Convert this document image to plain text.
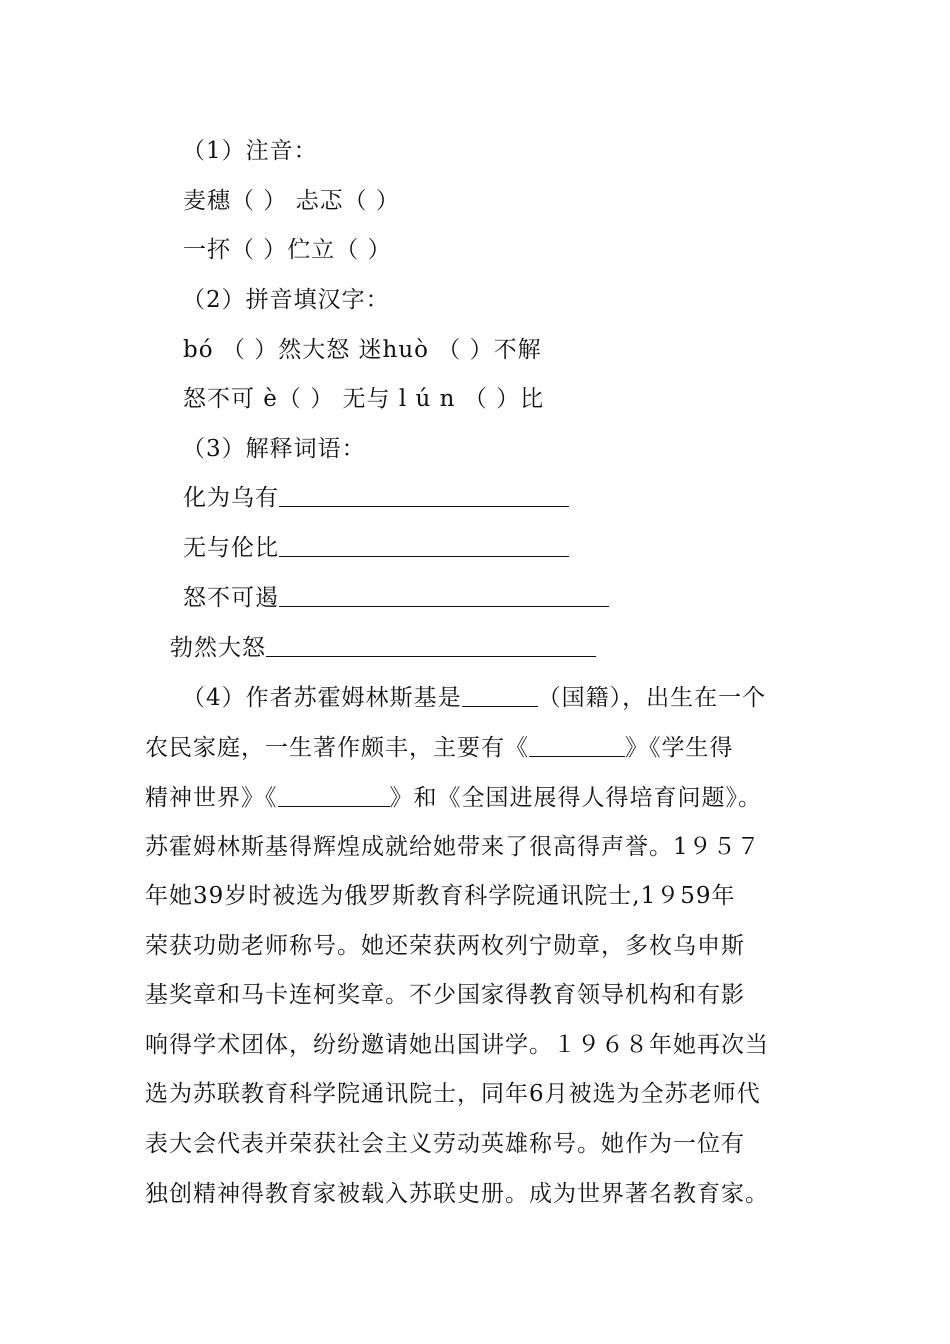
（1）注音：
麦穗（ ） 忐忑（ ）
一抔（ ）伫立（ ）
（2）拼音填汉字：
bó （ ）然大怒 迷huò （ ）不解
怒不可 è（ ） 无与 l ú n （ ）比
（3）解释词语：
化为乌有
无与伦比
怒不可遏
勃然大怒
（4）作者苏霍姆林斯基是	（国籍），出生在一个
农民家庭，一生著作颇丰，主要有《	》《学生得
精神世界》《	》和《全国进展得人得培育问题》。
苏霍姆林斯基得辉煌成就给她带来了很高得声誉。1９５７
年她39岁时被选为俄罗斯教育科学院通讯院士,1９59年
荣获功勋老师称号。她还荣获两枚列宁勋章，多枚乌申斯
基奖章和马卡连柯奖章。不少国家得教育领导机构和有影
响得学术团体，纷纷邀请她出国讲学。１９６８年她再次当
选为苏联教育科学院通讯院士，同年6月被选为全苏老师代
表大会代表并荣获社会主义劳动英雄称号。她作为一位有
独创精神得教育家被载入苏联史册。成为世界著名教育家。
